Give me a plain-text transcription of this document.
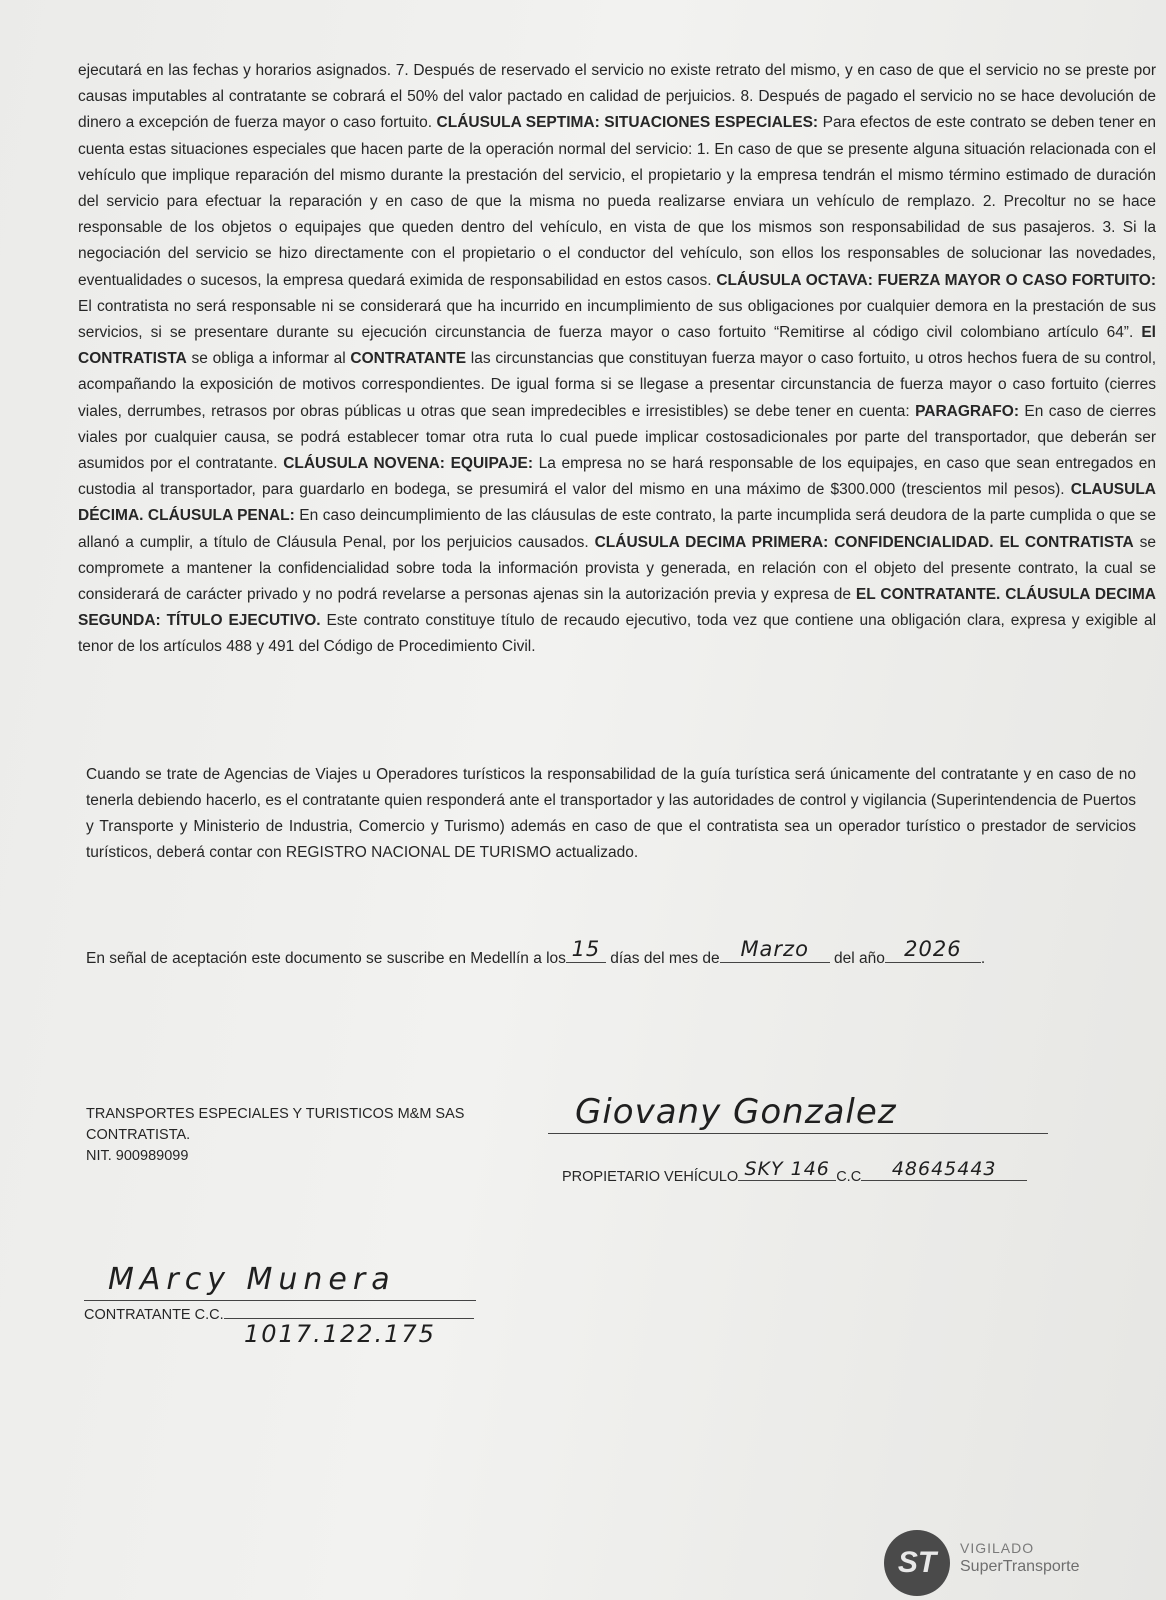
ejecutará en las fechas y horarios asignados. 7. Después de reservado el servicio no existe retrato del mismo, y en caso de que el servicio no se preste por causas imputables al contratante se cobrará el 50% del valor pactado en calidad de perjuicios. 8. Después de pagado el servicio no se hace devolución de dinero a excepción de fuerza mayor o caso fortuito. CLÁUSULA SEPTIMA: SITUACIONES ESPECIALES: Para efectos de este contrato se deben tener en cuenta estas situaciones especiales que hacen parte de la operación normal del servicio: 1. En caso de que se presente alguna situación relacionada con el vehículo que implique reparación del mismo durante la prestación del servicio, el propietario y la empresa tendrán el mismo término estimado de duración del servicio para efectuar la reparación y en caso de que la misma no pueda realizarse enviara un vehículo de remplazo. 2. Precoltur no se hace responsable de los objetos o equipajes que queden dentro del vehículo, en vista de que los mismos son responsabilidad de sus pasajeros. 3. Si la negociación del servicio se hizo directamente con el propietario o el conductor del vehículo, son ellos los responsables de solucionar las novedades, eventualidades o sucesos, la empresa quedará eximida de responsabilidad en estos casos. CLÁUSULA OCTAVA: FUERZA MAYOR O CASO FORTUITO: El contratista no será responsable ni se considerará que ha incurrido en incumplimiento de sus obligaciones por cualquier demora en la prestación de sus servicios, si se presentare durante su ejecución circunstancia de fuerza mayor o caso fortuito “Remitirse al código civil colombiano artículo 64”. El CONTRATISTA se obliga a informar al CONTRATANTE las circunstancias que constituyan fuerza mayor o caso fortuito, u otros hechos fuera de su control, acompañando la exposición de motivos correspondientes. De igual forma si se llegase a presentar circunstancia de fuerza mayor o caso fortuito (cierres viales, derrumbes, retrasos por obras públicas u otras que sean impredecibles e irresistibles) se debe tener en cuenta: PARAGRAFO: En caso de cierres viales por cualquier causa, se podrá establecer tomar otra ruta lo cual puede implicar costosadicionales por parte del transportador, que deberán ser asumidos por el contratante. CLÁUSULA NOVENA: EQUIPAJE: La empresa no se hará responsable de los equipajes, en caso que sean entregados en custodia al transportador, para guardarlo en bodega, se presumirá el valor del mismo en una máximo de $300.000 (trescientos mil pesos). CLAUSULA DÉCIMA. CLÁUSULA PENAL: En caso deincumplimiento de las cláusulas de este contrato, la parte incumplida será deudora de la parte cumplida o que se allanó a cumplir, a título de Cláusula Penal, por los perjuicios causados. CLÁUSULA DECIMA PRIMERA: CONFIDENCIALIDAD. EL CONTRATISTA se compromete a mantener la confidencialidad sobre toda la información provista y generada, en relación con el objeto del presente contrato, la cual se considerará de carácter privado y no podrá revelarse a personas ajenas sin la autorización previa y expresa de EL CONTRATANTE. CLÁUSULA DECIMA SEGUNDA: TÍTULO EJECUTIVO. Este contrato constituye título de recaudo ejecutivo, toda vez que contiene una obligación clara, expresa y exigible al tenor de los artículos 488 y 491 del Código de Procedimiento Civil.

Cuando se trate de Agencias de Viajes u Operadores turísticos la responsabilidad de la guía turística será únicamente del contratante y en caso de no tenerla debiendo hacerlo, es el contratante quien responderá ante el transportador y las autoridades de control y vigilancia (Superintendencia de Puertos y Transporte y Ministerio de Industria, Comercio y Turismo) además en caso de que el contratista sea un operador turístico o prestador de servicios turísticos, deberá contar con REGISTRO NACIONAL DE TURISMO actualizado.
En señal de aceptación este documento se suscribe en Medellín a los 15 días del mes de Marzo	del año 2026	.
TRANSPORTES ESPECIALES Y TURISTICOS M&M SAS
CONTRATISTA.
NIT. 900989099
Giovany Gonzalez
PROPIETARIO VEHÍCULO SKY 146 C.C	48645443
MArcy Munera
CONTRATANTE C.C.
1017.122.175
ST	VIGILADO
SuperTransporte
